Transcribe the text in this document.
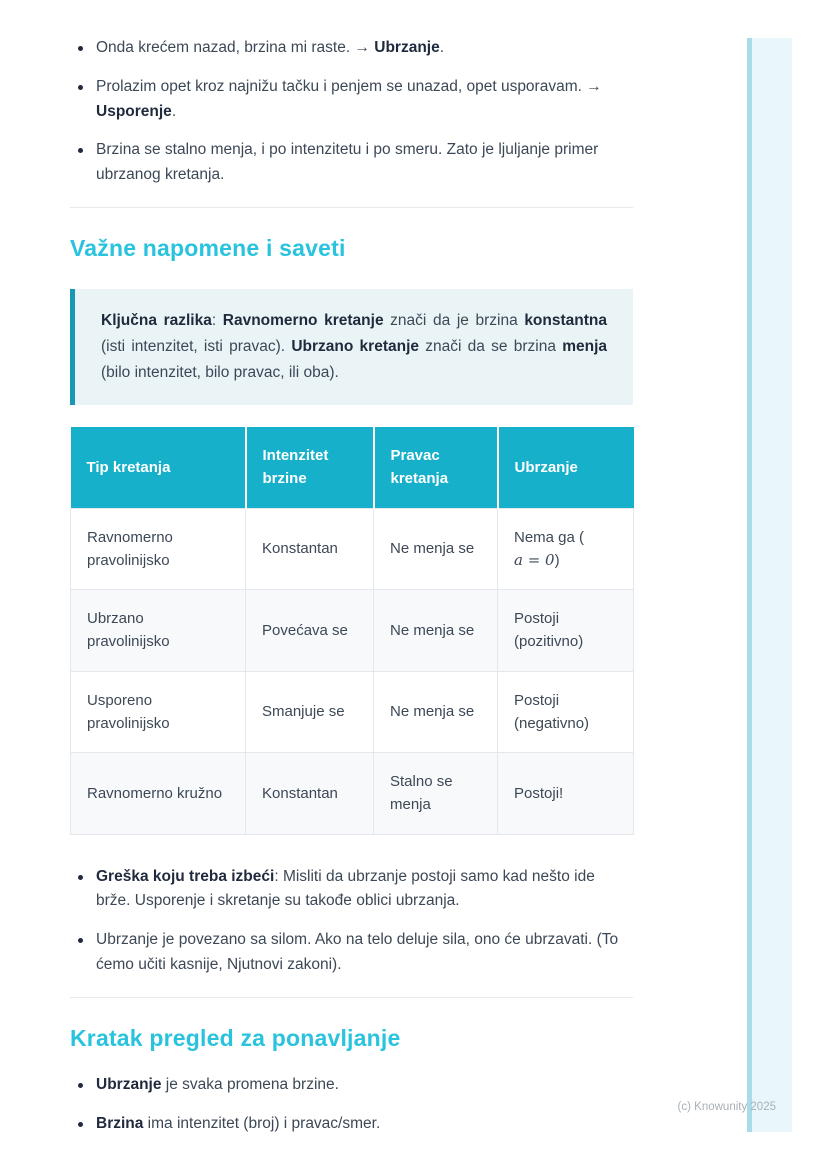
(c) Knowunity 2025
Onda krećem nazad, brzina mi raste. → Ubrzanje.
Prolazim opet kroz najnižu tačku i penjem se unazad, opet usporavam. → Usporenje.
Brzina se stalno menja, i po intenzitetu i po smeru. Zato je ljuljanje primer ubrzanog kretanja.
Važne napomene i saveti

Ključna razlika: Ravnomerno kretanje znači da je brzina konstantna (isti intenzitet, isti pravac). Ubrzano kretanje znači da se brzina menja (bilo intenzitet, bilo pravac, ili oba).

Tip kretanja	Intenzitet brzine	Pravac kretanja	Ubrzanje
Ravnomerno pravolinijsko	Konstantan	Ne menja se	Nema ga (
a = 0)
Ubrzano pravolinijsko	Povećava se	Ne menja se	Postoji (pozitivno)
Usporeno pravolinijsko	Smanjuje se	Ne menja se	Postoji (negativno)
Ravnomerno kružno	Konstantan	Stalno se menja	Postoji!
Greška koju treba izbeći: Misliti da ubrzanje postoji samo kad nešto ide brže. Usporenje i skretanje su takođe oblici ubrzanja.
Ubrzanje je povezano sa silom. Ako na telo deluje sila, ono će ubrzavati. (To ćemo učiti kasnije, Njutnovi zakoni).
Kratak pregled za ponavljanje
Ubrzanje je svaka promena brzine.
Brzina ima intenzitet (broj) i pravac/smer.
